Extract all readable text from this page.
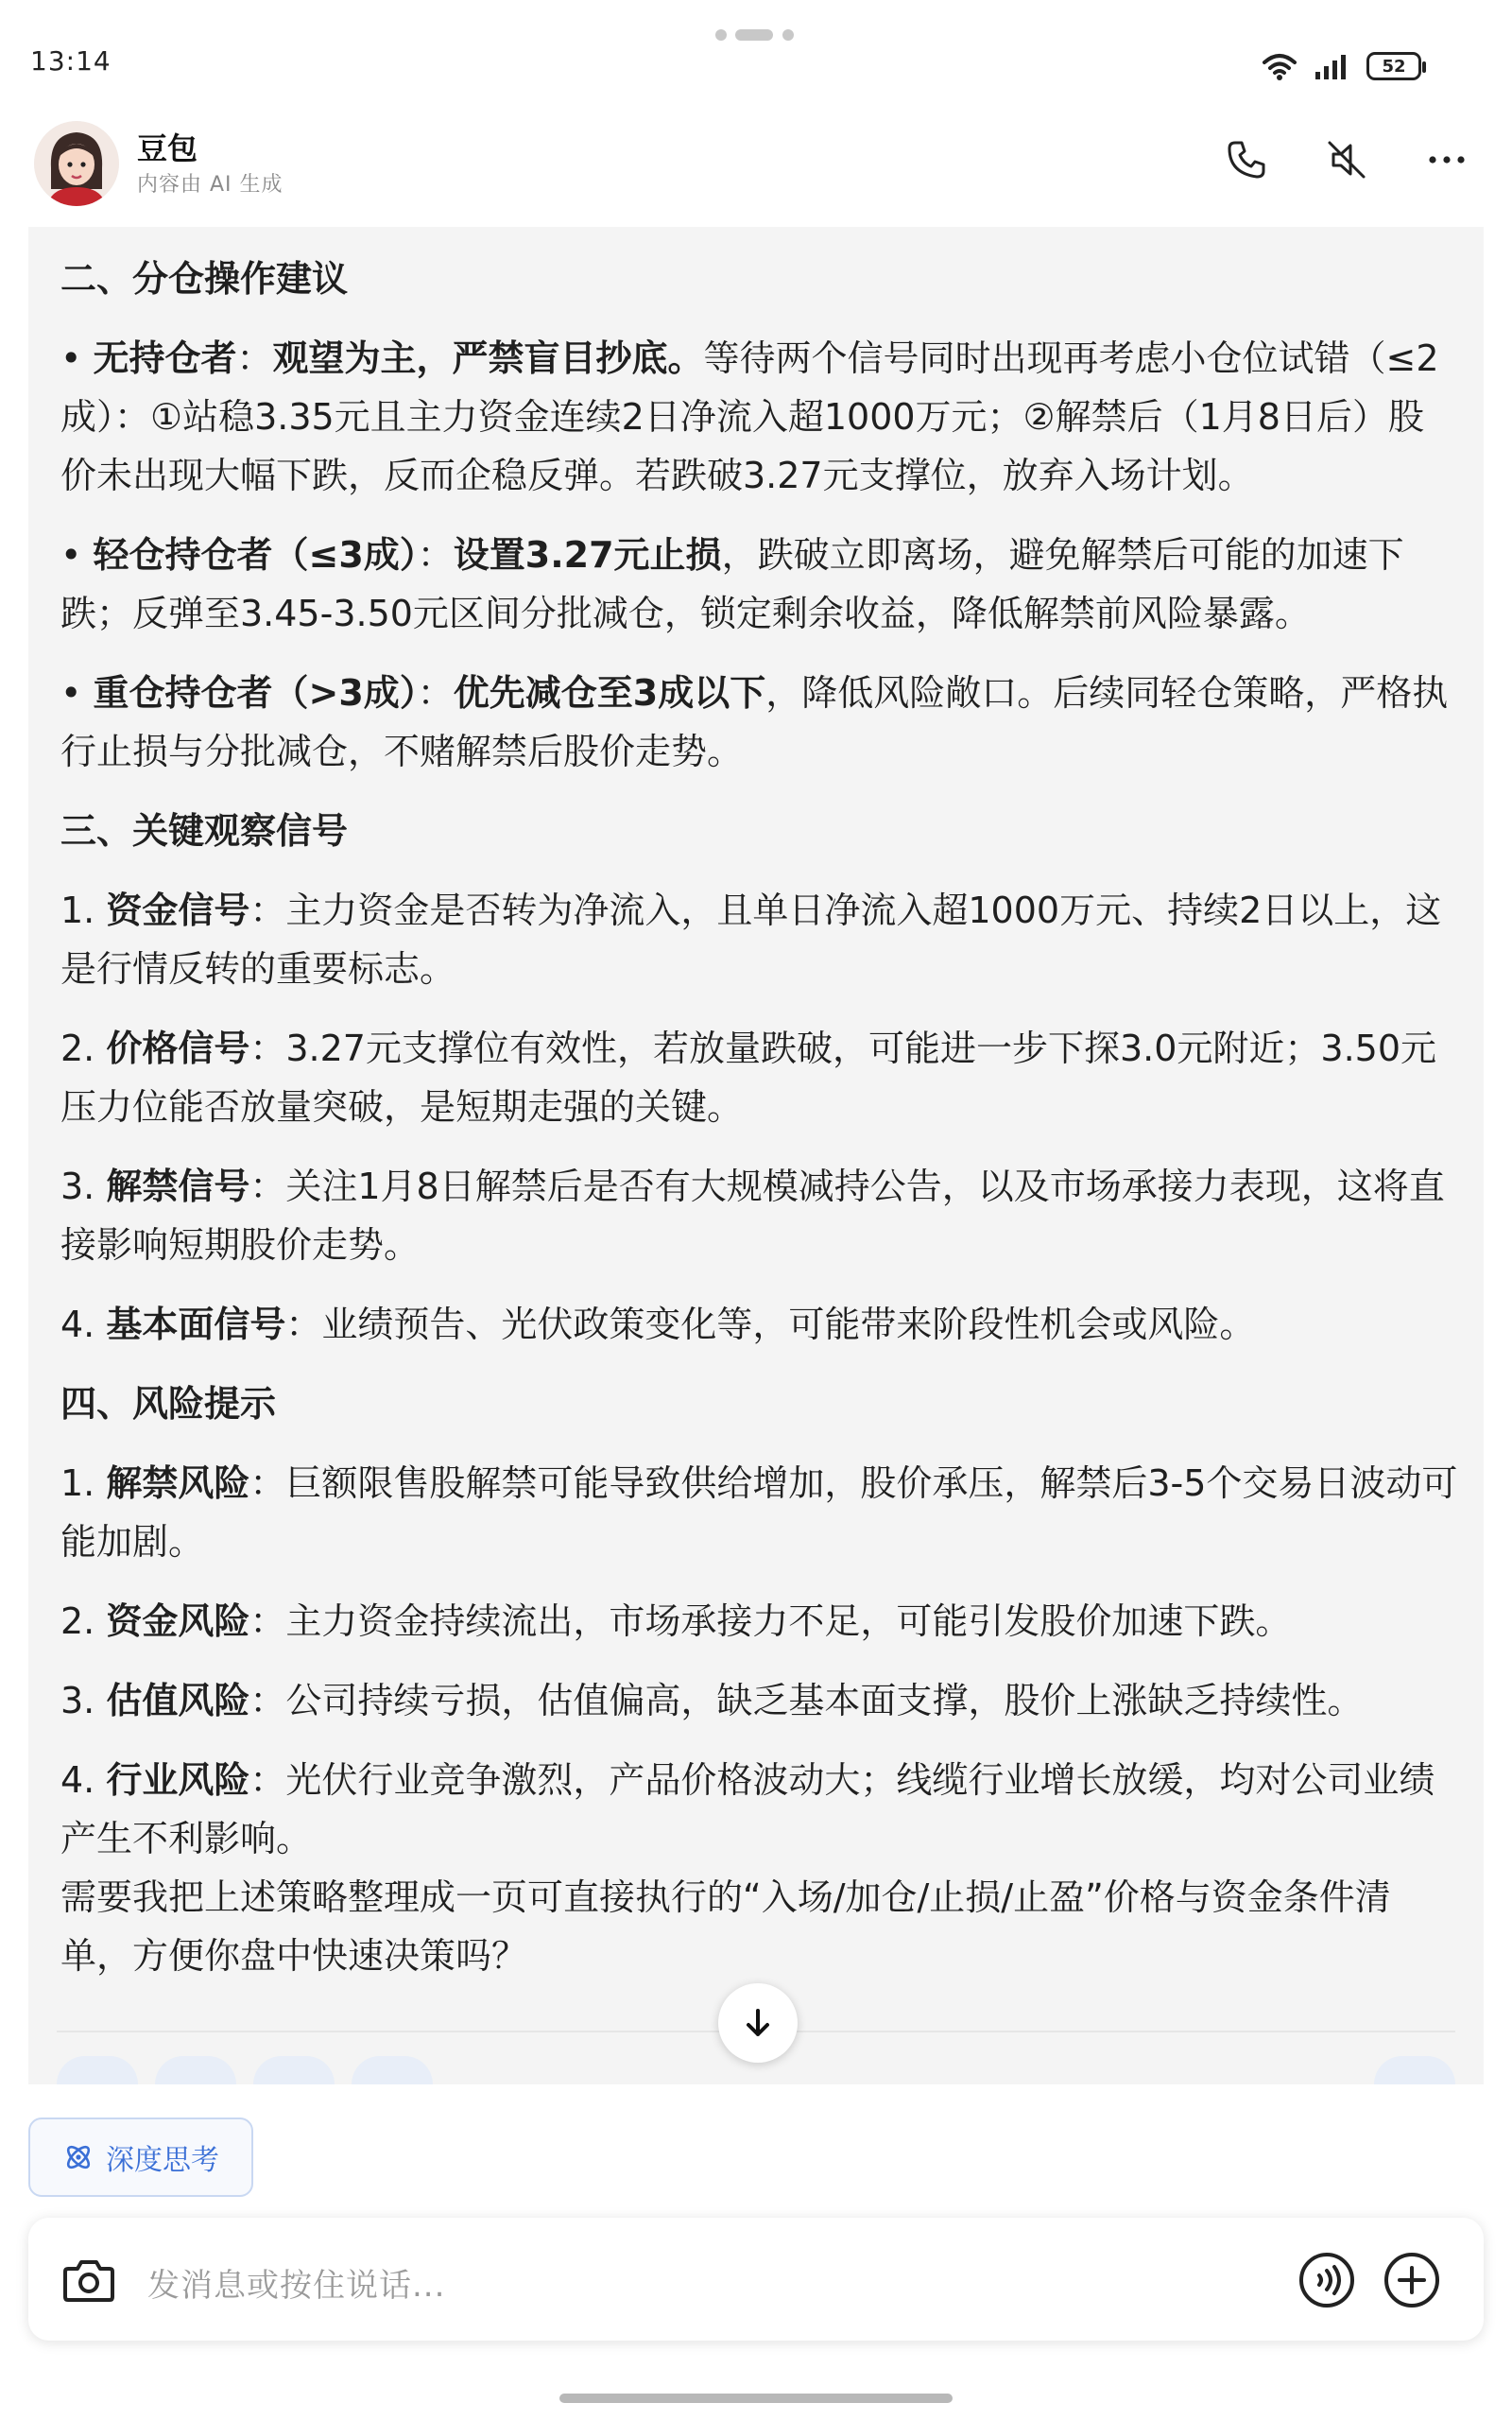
13:14	52
豆包
内容由 AI 生成

二、分仓操作建议

• 无持仓者：观望为主，严禁盲目抄底。等待两个信号同时出现再考虑小仓位试错（≤2成）：①站稳3.35元且主力资金连续2日净流入超1000万元；②解禁后（1月8日后）股价未出现大幅下跌，反而企稳反弹。若跌破3.27元支撑位，放弃入场计划。

• 轻仓持仓者（≤3成）：设置3.27元止损，跌破立即离场，避免解禁后可能的加速下跌；反弹至3.45-3.50元区间分批减仓，锁定剩余收益，降低解禁前风险暴露。

• 重仓持仓者（>3成）：优先减仓至3成以下，降低风险敞口。后续同轻仓策略，严格执行止损与分批减仓，不赌解禁后股价走势。

三、关键观察信号

1. 资金信号：主力资金是否转为净流入，且单日净流入超1000万元、持续2日以上，这是行情反转的重要标志。

2. 价格信号：3.27元支撑位有效性，若放量跌破，可能进一步下探3.0元附近；3.50元压力位能否放量突破，是短期走强的关键。

3. 解禁信号：关注1月8日解禁后是否有大规模减持公告，以及市场承接力表现，这将直接影响短期股价走势。

4. 基本面信号：业绩预告、光伏政策变化等，可能带来阶段性机会或风险。

四、风险提示

1. 解禁风险：巨额限售股解禁可能导致供给增加，股价承压，解禁后3-5个交易日波动可能加剧。

2. 资金风险：主力资金持续流出，市场承接力不足，可能引发股价加速下跌。

3. 估值风险：公司持续亏损，估值偏高，缺乏基本面支撑，股价上涨缺乏持续性。

4. 行业风险：光伏行业竞争激烈，产品价格波动大；线缆行业增长放缓，均对公司业绩产生不利影响。

需要我把上述策略整理成一页可直接执行的“入场/加仓/止损/止盈”价格与资金条件清单，方便你盘中快速决策吗？

深度思考
发消息或按住说话...
